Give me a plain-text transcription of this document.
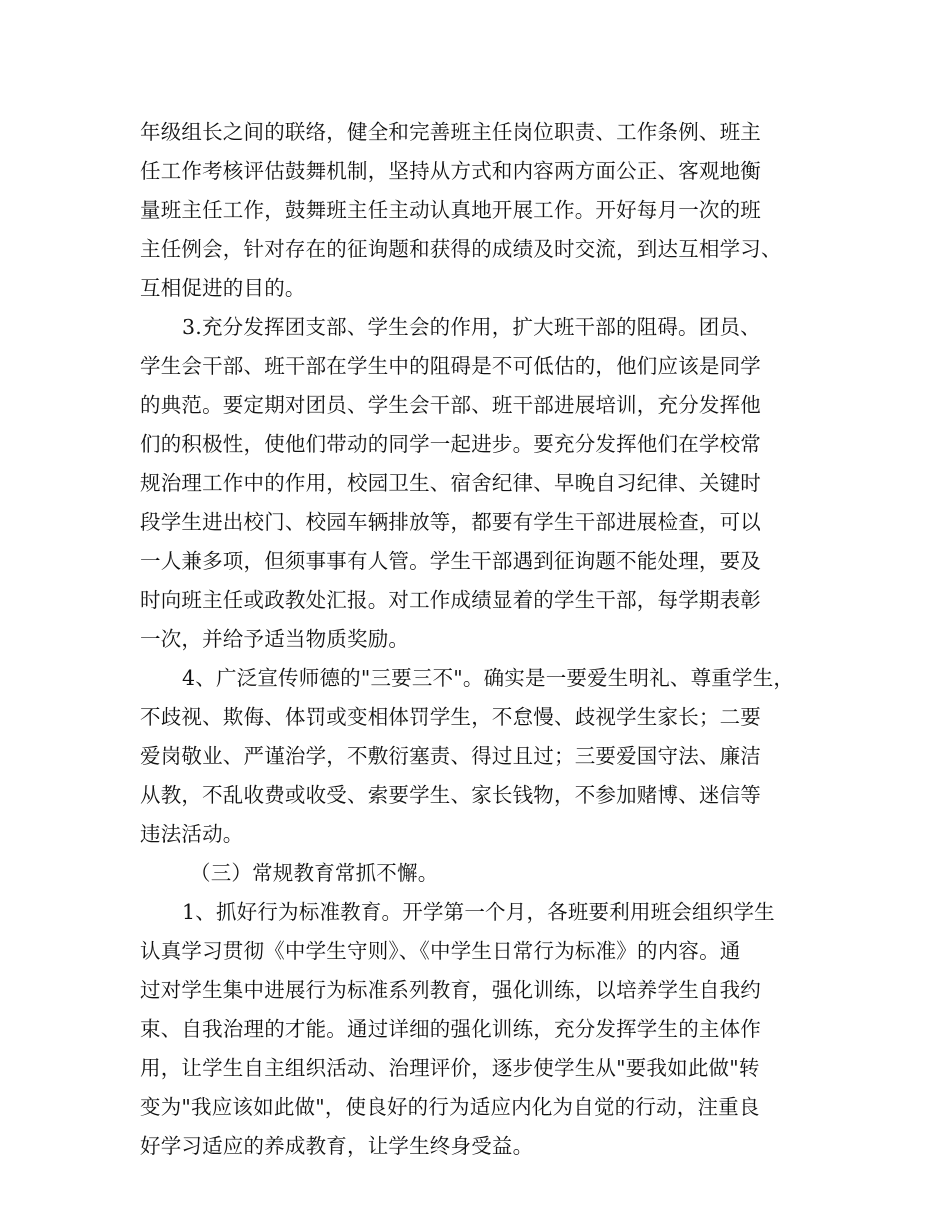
年级组长之间的联络，健全和完善班主任岗位职责、工作条例、班主
任工作考核评估鼓舞机制，坚持从方式和内容两方面公正、客观地衡
量班主任工作，鼓舞班主任主动认真地开展工作。开好每月一次的班
主任例会，针对存在的征询题和获得的成绩及时交流，到达互相学习、
互相促进的目的。
3.充分发挥团支部、学生会的作用，扩大班干部的阻碍。团员、
学生会干部、班干部在学生中的阻碍是不可低估的，他们应该是同学
的典范。要定期对团员、学生会干部、班干部进展培训，充分发挥他
们的积极性，使他们带动的同学一起进步。要充分发挥他们在学校常
规治理工作中的作用，校园卫生、宿舍纪律、早晚自习纪律、关键时
段学生进出校门、校园车辆排放等，都要有学生干部进展检查，可以
一人兼多项，但须事事有人管。学生干部遇到征询题不能处理，要及
时向班主任或政教处汇报。对工作成绩显着的学生干部，每学期表彰
一次，并给予适当物质奖励。
4、广泛宣传师德的"三要三不"。确实是一要爱生明礼、尊重学生，
不歧视、欺侮、体罚或变相体罚学生，不怠慢、歧视学生家长；二要
爱岗敬业、严谨治学，不敷衍塞责、得过且过；三要爱国守法、廉洁
从教，不乱收费或收受、索要学生、家长钱物，不参加赌博、迷信等
违法活动。
（三）常规教育常抓不懈。
1、抓好行为标准教育。开学第一个月，各班要利用班会组织学生
认真学习贯彻《中学生守则》、《中学生日常行为标准》的内容。通
过对学生集中进展行为标准系列教育，强化训练，以培养学生自我约
束、自我治理的才能。通过详细的强化训练，充分发挥学生的主体作
用，让学生自主组织活动、治理评价，逐步使学生从"要我如此做"转
变为"我应该如此做"，使良好的行为适应内化为自觉的行动，注重良
好学习适应的养成教育，让学生终身受益。
